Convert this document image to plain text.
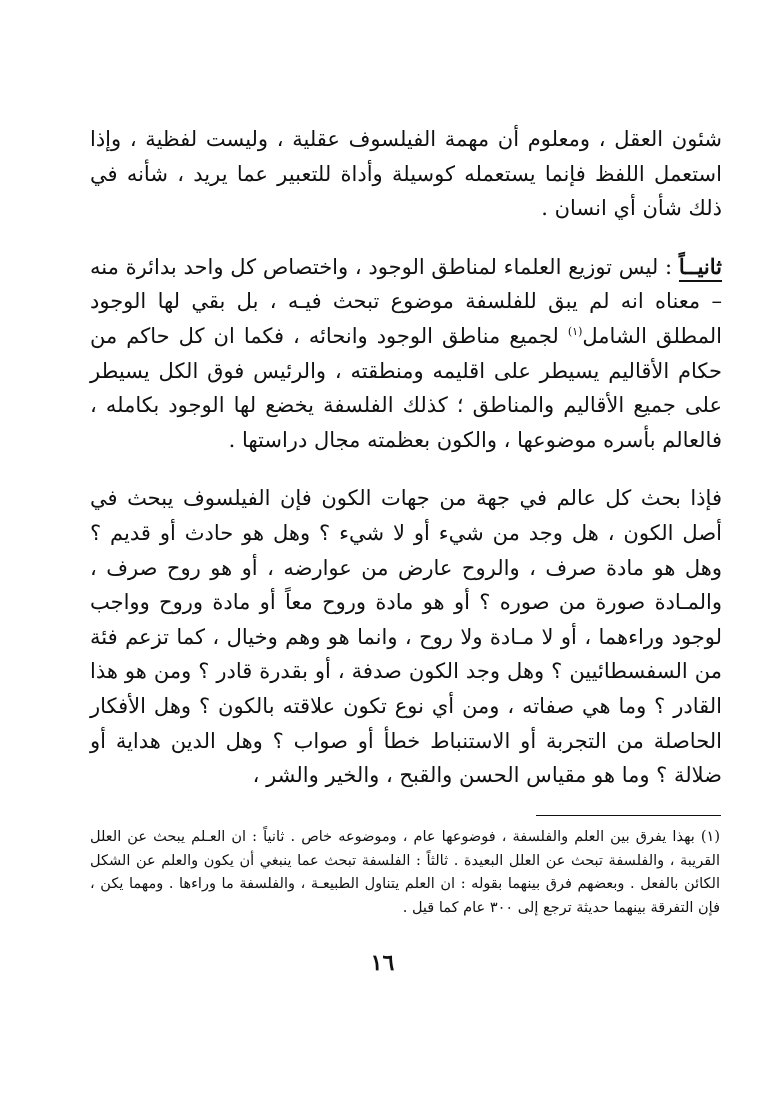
شئون العقل ، ومعلوم أن مهمة الفيلسوف عقلية ، وليست لفظية ، وإذا استعمل اللفظ فإنما يستعمله كوسيلة وأداة للتعبير عما يريد ، شأنه في ذلك شأن أي انسان .

ثانيــاً : ليس توزيع العلماء لمناطق الوجود ، واختصاص كل واحد بدائرة منه – معناه انه لم يبق للفلسفة موضوع تبحث فيـه ، بل بقي لها الوجود المطلق الشامل$^{(١)}$ لجميع مناطق الوجود وانحائه ، فكما ان كل حاكم من حكام الأقاليم يسيطر على اقليمه ومنطقته ، والرئيس فوق الكل يسيطر على جميع الأقاليم والمناطق ؛ كذلك الفلسفة يخضع لها الوجود بكامله ، فالعالم بأسره موضوعها ، والكون بعظمته مجال دراستها .

فإذا بحث كل عالم في جهة من جهات الكون فإن الفيلسوف يبحث في أصل الكون ، هل وجد من شيء أو لا شيء ؟ وهل هو حادث أو قديم ؟ وهل هو مادة صرف ، والروح عارض من عوارضه ، أو هو روح صرف ، والمـادة صورة من صوره ؟ أو هو مادة وروح معاً أو مادة وروح وواجب لوجود وراءهما ، أو لا مـادة ولا روح ، وانما هو وهم وخيال ، كما تزعم فئة من السفسطائيين ؟ وهل وجد الكون صدفة ، أو بقدرة قادر ؟ ومن هو هذا القادر ؟ وما هي صفاته ، ومن أي نوع تكون علاقته بالكون ؟ وهل الأفكار الحاصلة من التجربة أو الاستنباط خطأ أو صواب ؟ وهل الدين هداية أو ضلالة ؟ وما هو مقياس الحسن والقبح ، والخير والشر ،

(١) بهذا يفرق بين العلم والفلسفة ، فوضوعها عام ، وموضوعه خاص . ثانياً : ان العـلم يبحث عن العلل القريبة ، والفلسفة تبحث عن العلل البعيدة . ثالثاً : الفلسفة تبحث عما ينبغي أن يكون والعلم عن الشكل الكائن بالفعل . وبعضهم فرق بينهما بقوله : ان العلم يتناول الطبيعـة ، والفلسفة ما وراءها . ومهما يكن ، فإن التفرقة بينهما حديثة ترجع إلى ٣٠٠ عام كما قيل .

١٦
